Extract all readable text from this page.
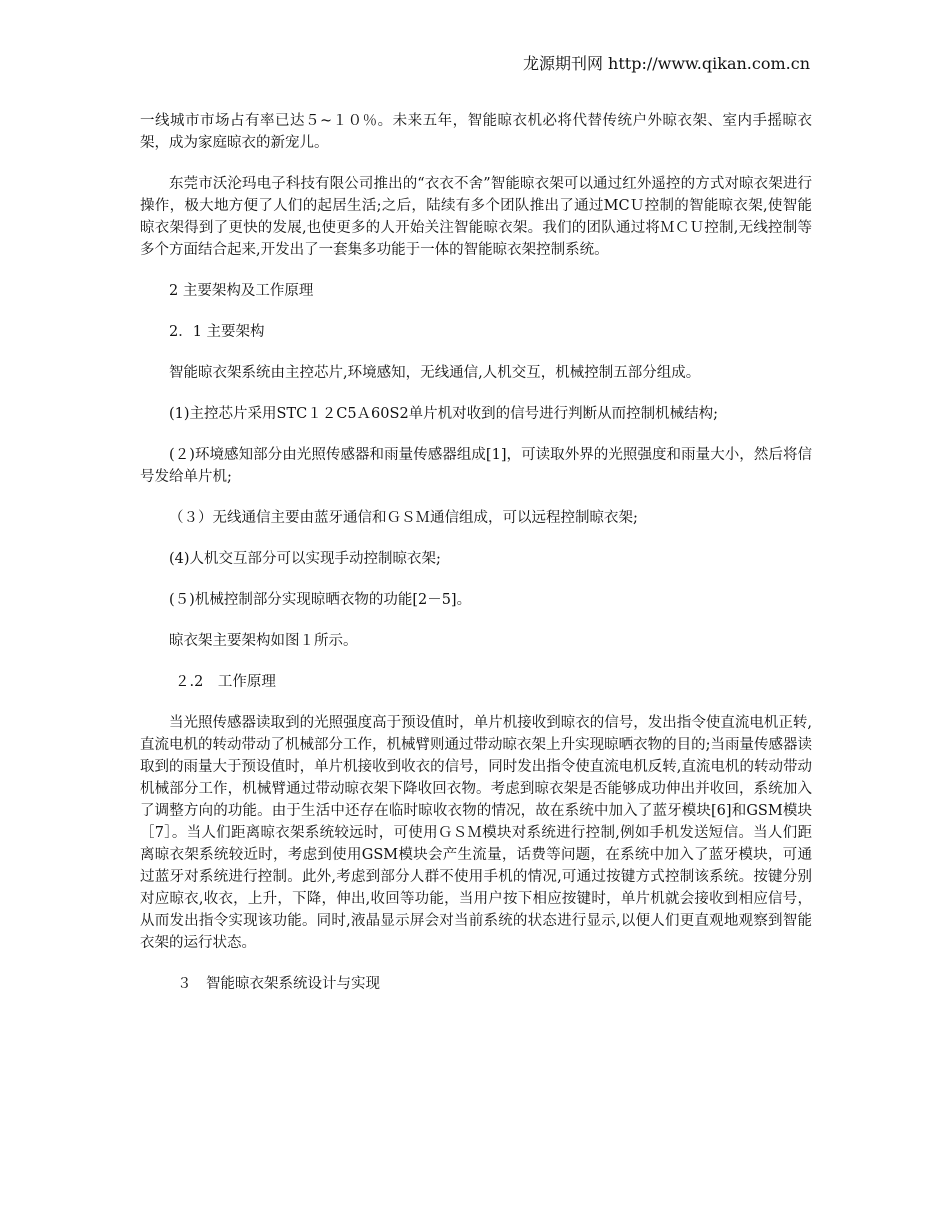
龙源期刊网 http://www.qikan.com.cn

一线城市市场占有率已达５~１０％。未来五年，智能晾衣机必将代替传统户外晾衣架、室内手摇晾衣架，成为家庭晾衣的新宠儿。

东莞市沃沦玛电子科技有限公司推出的“衣衣不舍”智能晾衣架可以通过红外遥控的方式对晾衣架进行操作，极大地方便了人们的起居生活;之后，陆续有多个团队推出了通过MCＵ控制的智能晾衣架,使智能晾衣架得到了更快的发展,也使更多的人开始关注智能晾衣架。我们的团队通过将ＭＣＵ控制,无线控制等多个方面结合起来,开发出了一套集多功能于一体的智能晾衣架控制系统。

2 主要架构及工作原理

2．1 主要架构

智能晾衣架系统由主控芯片,环境感知，无线通信,人机交互，机械控制五部分组成。

(1)主控芯片采用STC１２C5Ａ60S2单片机对收到的信号进行判断从而控制机械结构;

(２)环境感知部分由光照传感器和雨量传感器组成[1]，可读取外界的光照强度和雨量大小，然后将信号发给单片机;

（３）无线通信主要由蓝牙通信和ＧＳＭ通信组成，可以远程控制晾衣架;

(4)人机交互部分可以实现手动控制晾衣架;

(５)机械控制部分实现晾晒衣物的功能[2－5]。

晾衣架主要架构如图１所示。

２.2　工作原理

当光照传感器读取到的光照强度高于预设值时，单片机接收到晾衣的信号，发出指令使直流电机正转,直流电机的转动带动了机械部分工作，机械臂则通过带动晾衣架上升实现晾晒衣物的目的;当雨量传感器读取到的雨量大于预设值时，单片机接收到收衣的信号，同时发出指令使直流电机反转,直流电机的转动带动机械部分工作，机械臂通过带动晾衣架下降收回衣物。考虑到晾衣架是否能够成功伸出并收回，系统加入了调整方向的功能。由于生活中还存在临时晾收衣物的情况，故在系统中加入了蓝牙模块[6]和GSM模块［7］。当人们距离晾衣架系统较远时，可使用ＧＳＭ模块对系统进行控制,例如手机发送短信。当人们距离晾衣架系统较近时，考虑到使用GSM模块会产生流量，话费等问题，在系统中加入了蓝牙模块，可通过蓝牙对系统进行控制。此外,考虑到部分人群不使用手机的情况,可通过按键方式控制该系统。按键分别对应晾衣,收衣，上升，下降，伸出,收回等功能，当用户按下相应按键时，单片机就会接收到相应信号，从而发出指令实现该功能。同时,液晶显示屏会对当前系统的状态进行显示,以便人们更直观地观察到智能衣架的运行状态。

３　智能晾衣架系统设计与实现
